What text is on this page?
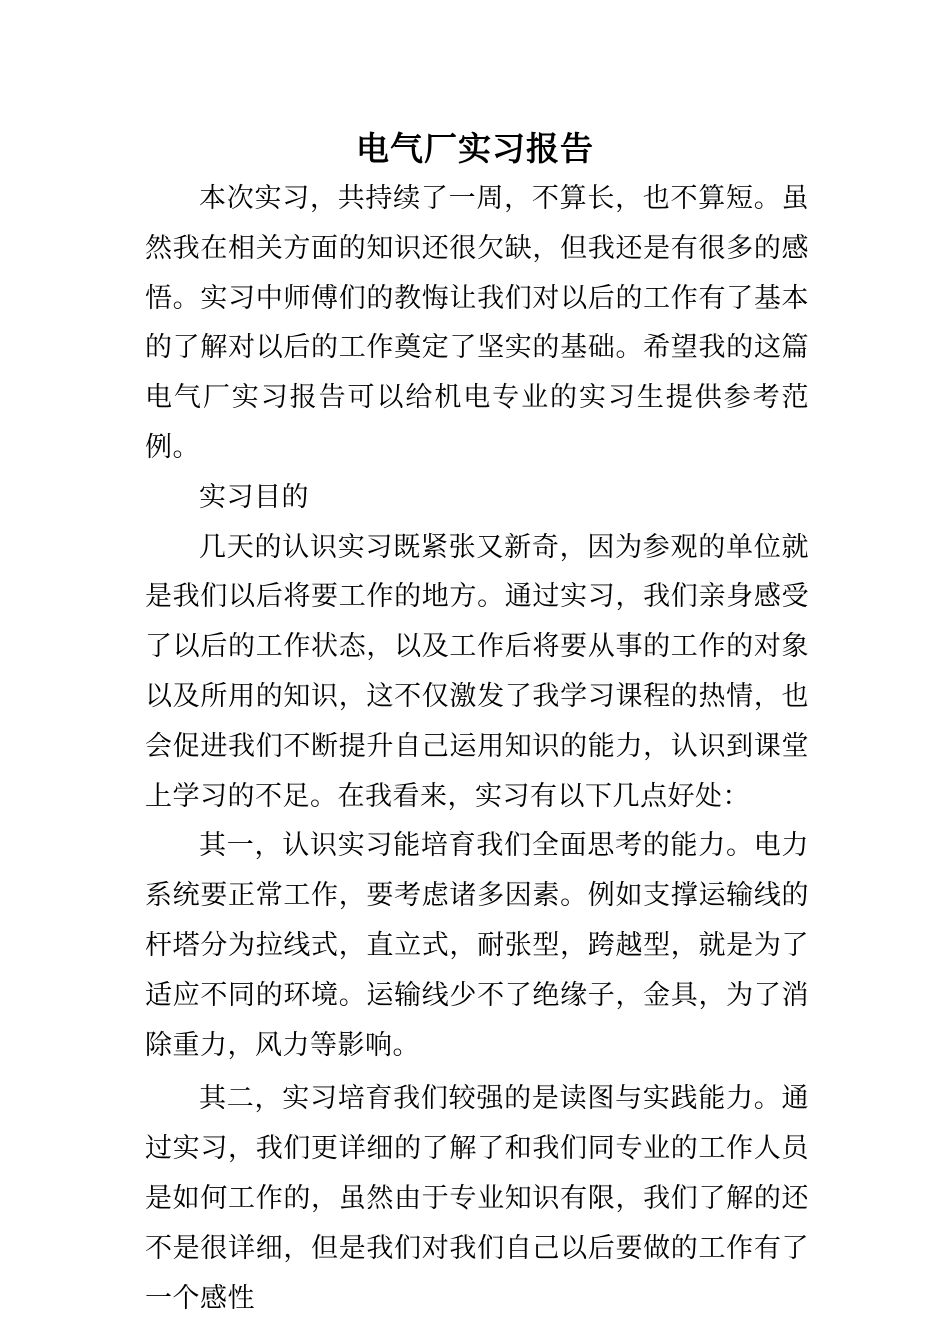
电气厂实习报告

本次实习，共持续了一周，不算长，也不算短。虽然我在相关方面的知识还很欠缺，但我还是有很多的感悟。实习中师傅们的教悔让我们对以后的工作有了基本的了解对以后的工作奠定了坚实的基础。希望我的这篇电气厂实习报告可以给机电专业的实习生提供参考范例。

实习目的

几天的认识实习既紧张又新奇，因为参观的单位就是我们以后将要工作的地方。通过实习，我们亲身感受了以后的工作状态，以及工作后将要从事的工作的对象以及所用的知识，这不仅激发了我学习课程的热情，也会促进我们不断提升自己运用知识的能力，认识到课堂上学习的不足。在我看来，实习有以下几点好处：

其一，认识实习能培育我们全面思考的能力。电力系统要正常工作，要考虑诸多因素。例如支撑运输线的杆塔分为拉线式，直立式，耐张型，跨越型，就是为了适应不同的环境。运输线少不了绝缘子，金具，为了消除重力，风力等影响。

其二，实习培育我们较强的是读图与实践能力。通过实习，我们更详细的了解了和我们同专业的工作人员是如何工作的，虽然由于专业知识有限，我们了解的还不是很详细，但是我们对我们自己以后要做的工作有了一个感性
